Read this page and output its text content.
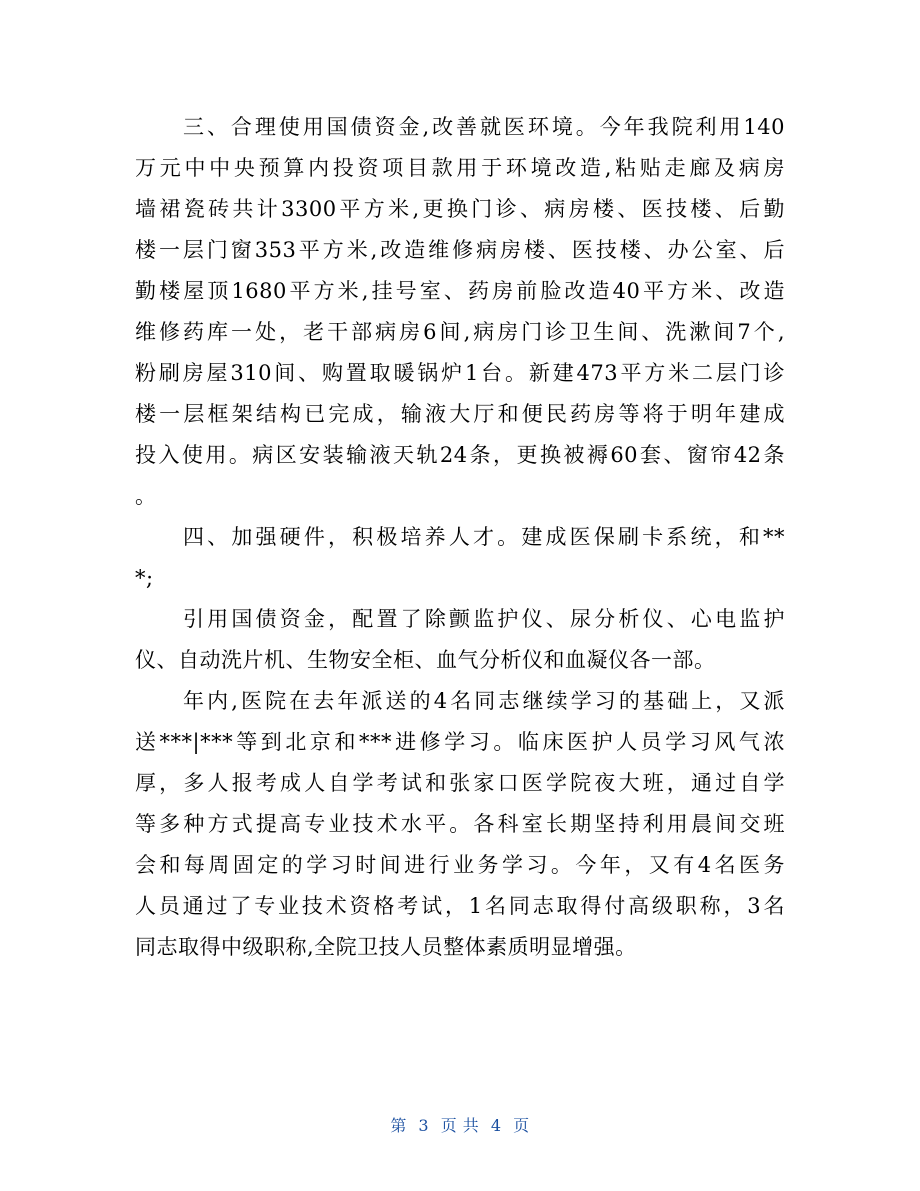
三、合理使用国债资金,改善就医环境。今年我院利用140
万元中中央预算内投资项目款用于环境改造,粘贴走廊及病房
墙裙瓷砖共计3300平方米,更换门诊、病房楼、医技楼、后勤
楼一层门窗353平方米,改造维修病房楼、医技楼、办公室、后
勤楼屋顶1680平方米,挂号室、药房前脸改造40平方米、改造
维修药库一处，老干部病房6间,病房门诊卫生间、洗漱间7个,
粉刷房屋310间、购置取暖锅炉1台。新建473平方米二层门诊
楼一层框架结构已完成，输液大厅和便民药房等将于明年建成
投入使用。病区安装输液天轨24条，更换被褥60套、窗帘42条
。
四、加强硬件，积极培养人才。建成医保刷卡系统，和**
*;
引用国债资金，配置了除颤监护仪、尿分析仪、心电监护
仪、自动洗片机、生物安全柜、血气分析仪和血凝仪各一部。
年内,医院在去年派送的4名同志继续学习的基础上，又派
送***|***等到北京和***进修学习。临床医护人员学习风气浓
厚，多人报考成人自学考试和张家口医学院夜大班，通过自学
等多种方式提高专业技术水平。各科室长期坚持利用晨间交班
会和每周固定的学习时间进行业务学习。今年，又有4名医务
人员通过了专业技术资格考试，1名同志取得付高级职称，3名
同志取得中级职称,全院卫技人员整体素质明显增强。
第 3 页 共 4 页
